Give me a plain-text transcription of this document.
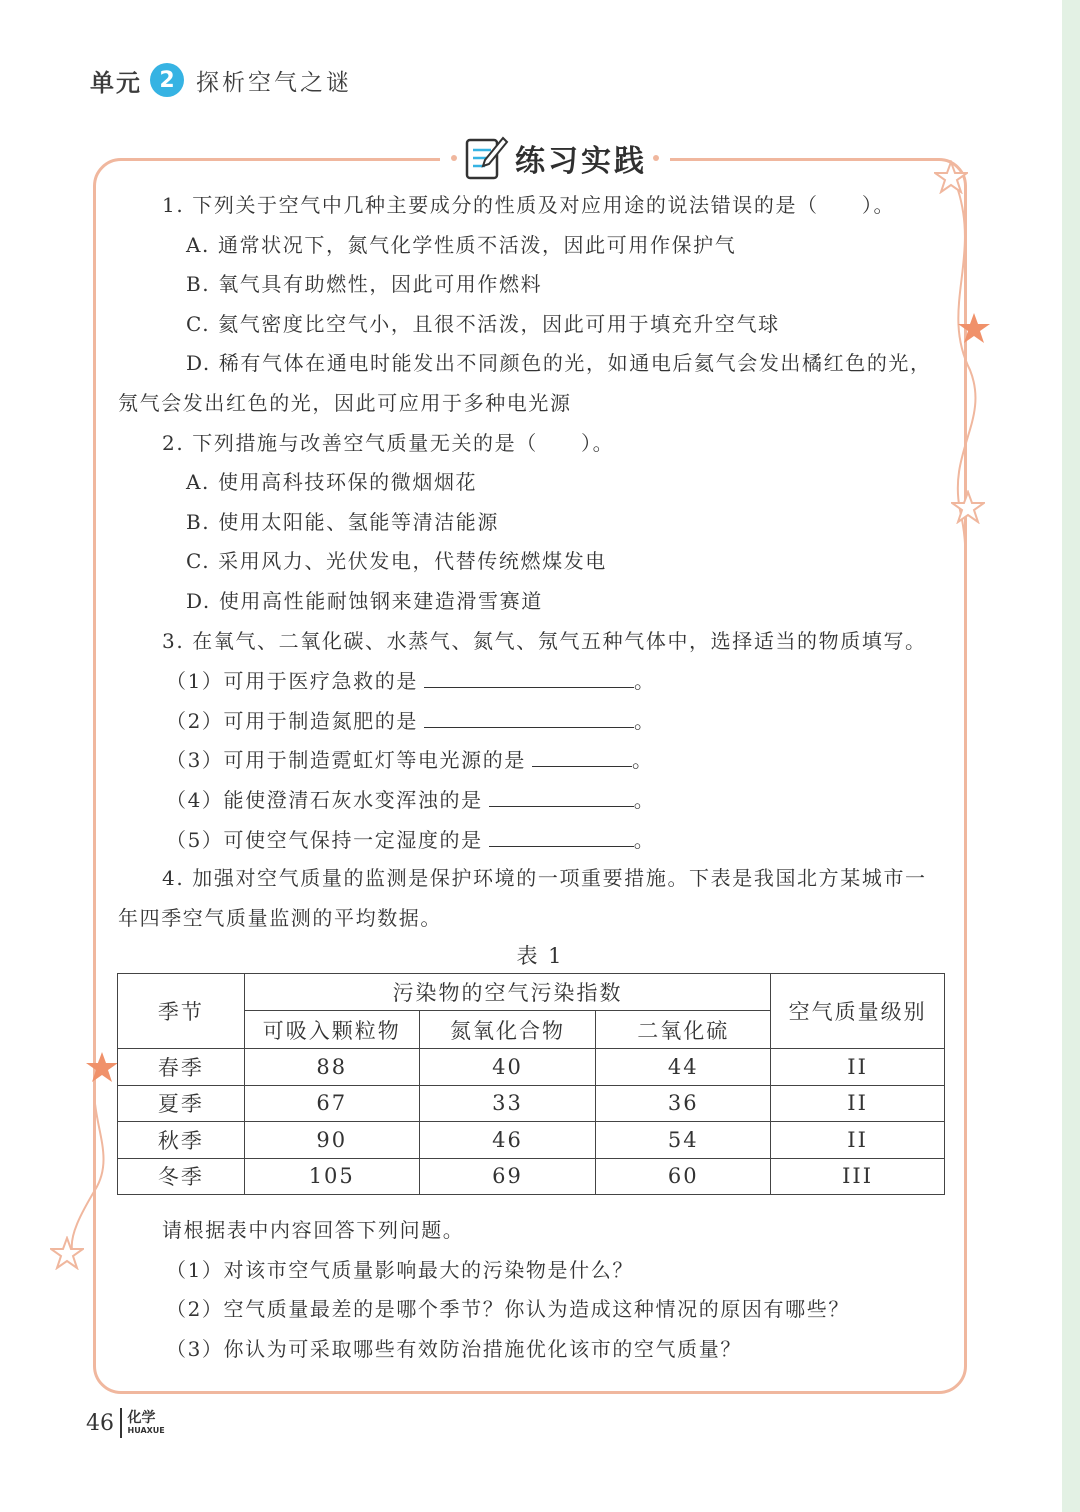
单元 2 探析空气之谜
练习实践
1. 下列关于空气中几种主要成分的性质及对应用途的说法错误的是（　　）。
A. 通常状况下，氮气化学性质不活泼，因此可用作保护气
B. 氧气具有助燃性，因此可用作燃料
C. 氦气密度比空气小，且很不活泼，因此可用于填充升空气球
D. 稀有气体在通电时能发出不同颜色的光，如通电后氦气会发出橘红色的光，
氖气会发出红色的光，因此可应用于多种电光源
2. 下列措施与改善空气质量无关的是（　　）。
A. 使用高科技环保的微烟烟花
B. 使用太阳能、氢能等清洁能源
C. 采用风力、光伏发电，代替传统燃煤发电
D. 使用高性能耐蚀钢来建造滑雪赛道
3. 在氧气、二氧化碳、水蒸气、氮气、氖气五种气体中，选择适当的物质填写。
（1）可用于医疗急救的是	。
（2）可用于制造氮肥的是	。
（3）可用于制造霓虹灯等电光源的是	。
（4）能使澄清石灰水变浑浊的是	。
（5）可使空气保持一定湿度的是	。
4. 加强对空气质量的监测是保护环境的一项重要措施。下表是我国北方某城市一
年四季空气质量监测的平均数据。
表 1
季节	污染物的空气污染指数			空气质量级别
	可吸入颗粒物	氮氧化合物	二氧化硫	
春季	88	40	44	II
夏季	67	33	36	II
秋季	90	46	54	II
冬季	105	69	60	III
请根据表中内容回答下列问题。
（1）对该市空气质量影响最大的污染物是什么？
（2）空气质量最差的是哪个季节？你认为造成这种情况的原因有哪些？
（3）你认为可采取哪些有效防治措施优化该市的空气质量？
46 化学
HUAXUE
